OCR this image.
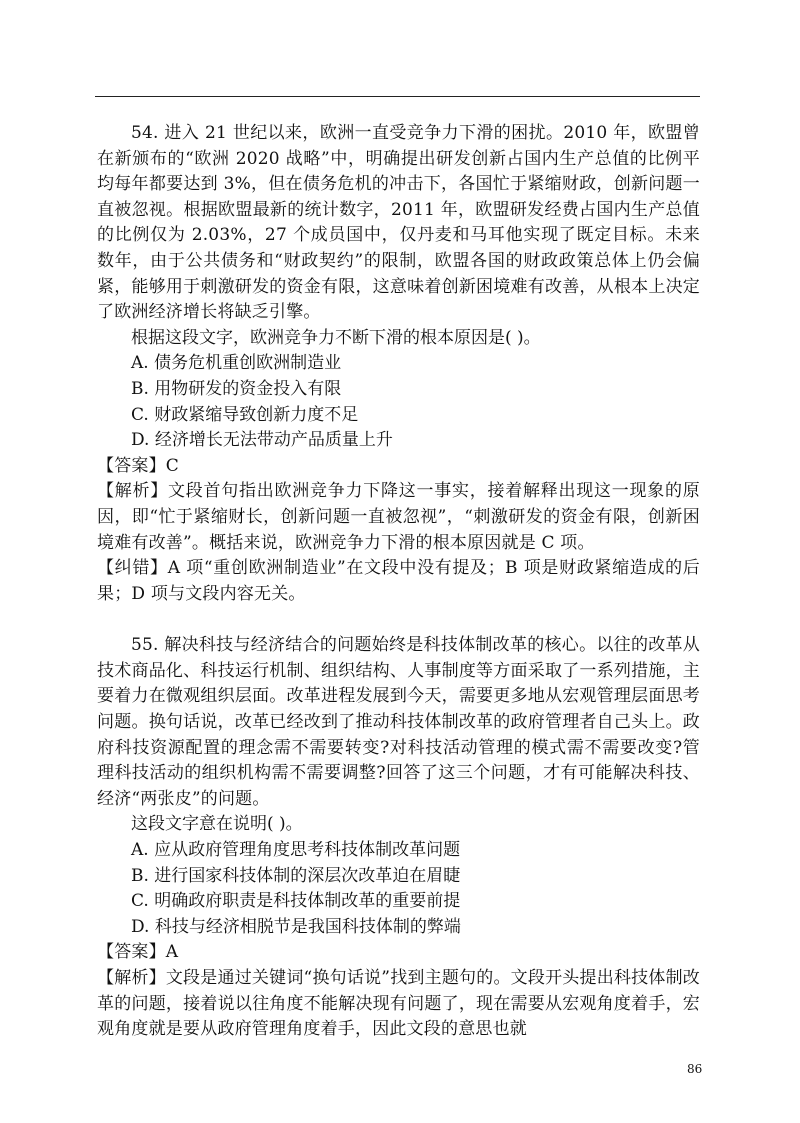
54. 进入 21 世纪以来，欧洲一直受竞争力下滑的困扰。2010 年，欧盟曾在新颁布的“欧洲 2020 战略”中，明确提出研发创新占国内生产总值的比例平均每年都要达到 3%，但在债务危机的冲击下，各国忙于紧缩财政，创新问题一直被忽视。根据欧盟最新的统计数字，2011 年，欧盟研发经费占国内生产总值的比例仅为 2.03%，27 个成员国中，仅丹麦和马耳他实现了既定目标。未来数年，由于公共债务和“财政契约”的限制，欧盟各国的财政政策总体上仍会偏紧，能够用于刺激研发的资金有限，这意味着创新困境难有改善，从根本上决定了欧洲经济增长将缺乏引擎。

根据这段文字，欧洲竞争力不断下滑的根本原因是( )。

A. 债务危机重创欧洲制造业

B. 用物研发的资金投入有限

C. 财政紧缩导致创新力度不足

D. 经济增长无法带动产品质量上升

【答案】C

【解析】文段首句指出欧洲竞争力下降这一事实，接着解释出现这一现象的原因，即“忙于紧缩财长，创新问题一直被忽视”，“刺激研发的资金有限，创新困境难有改善”。概括来说，欧洲竞争力下滑的根本原因就是 C 项。

【纠错】A 项“重创欧洲制造业”在文段中没有提及；B 项是财政紧缩造成的后果；D 项与文段内容无关。

55. 解决科技与经济结合的问题始终是科技体制改革的核心。以往的改革从技术商品化、科技运行机制、组织结构、人事制度等方面采取了一系列措施，主要着力在微观组织层面。改革进程发展到今天，需要更多地从宏观管理层面思考问题。换句话说，改革已经改到了推动科技体制改革的政府管理者自己头上。政府科技资源配置的理念需不需要转变?对科技活动管理的模式需不需要改变?管理科技活动的组织机构需不需要调整?回答了这三个问题，才有可能解决科技、经济“两张皮”的问题。

这段文字意在说明( )。

A. 应从政府管理角度思考科技体制改革问题

B. 进行国家科技体制的深层次改革迫在眉睫

C. 明确政府职责是科技体制改革的重要前提

D. 科技与经济相脱节是我国科技体制的弊端

【答案】A

【解析】文段是通过关键词“换句话说”找到主题句的。文段开头提出科技体制改革的问题，接着说以往角度不能解决现有问题了，现在需要从宏观角度着手，宏观角度就是要从政府管理角度着手，因此文段的意思也就

86
